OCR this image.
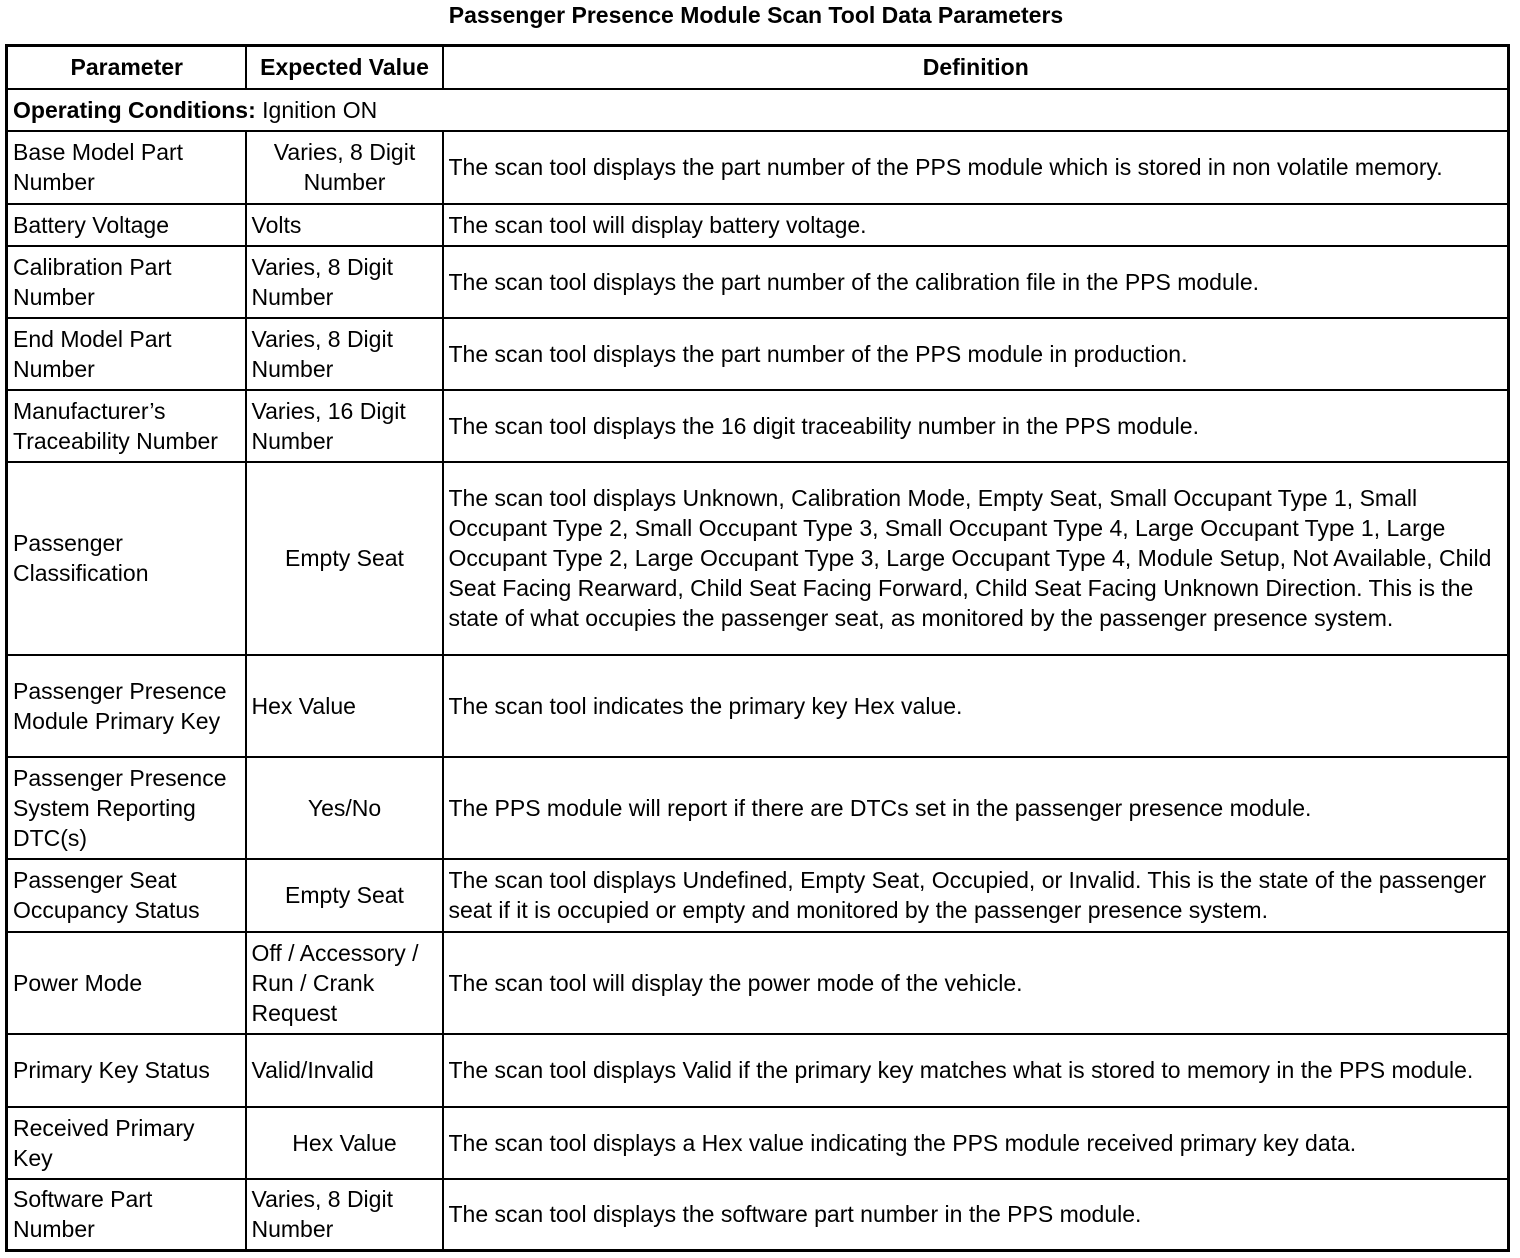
Passenger Presence Module Scan Tool Data Parameters
Parameter	Expected Value	Definition
Operating Conditions: Ignition ON		
Base Model Part Number	Varies, 8 Digit Number	The scan tool displays the part number of the PPS module which is stored in non volatile memory.
Battery Voltage	Volts	The scan tool will display battery voltage.
Calibration Part Number	Varies, 8 Digit Number	The scan tool displays the part number of the calibration file in the PPS module.
End Model Part Number	Varies, 8 Digit Number	The scan tool displays the part number of the PPS module in production.
Manufacturer’s Traceability Number	Varies, 16 Digit Number	The scan tool displays the 16 digit traceability number in the PPS module.
Passenger Classification	Empty Seat	The scan tool displays Unknown, Calibration Mode, Empty Seat, Small Occupant Type 1, Small Occupant Type 2, Small Occupant Type 3, Small Occupant Type 4, Large Occupant Type 1, Large Occupant Type 2, Large Occupant Type 3, Large Occupant Type 4, Module Setup, Not Available, Child Seat Facing Rearward, Child Seat Facing Forward, Child Seat Facing Unknown Direction. This is the state of what occupies the passenger seat, as monitored by the passenger presence system.
Passenger Presence Module Primary Key	Hex Value	The scan tool indicates the primary key Hex value.
Passenger Presence System Reporting DTC(s)	Yes/No	The PPS module will report if there are DTCs set in the passenger presence module.
Passenger Seat Occupancy Status	Empty Seat	The scan tool displays Undefined, Empty Seat, Occupied, or Invalid. This is the state of the passenger seat if it is occupied or empty and monitored by the passenger presence system.
Power Mode	Off / Accessory / Run / Crank Request	The scan tool will display the power mode of the vehicle.
Primary Key Status	Valid/Invalid	The scan tool displays Valid if the primary key matches what is stored to memory in the PPS module.
Received Primary Key	Hex Value	The scan tool displays a Hex value indicating the PPS module received primary key data.
Software Part Number	Varies, 8 Digit Number	The scan tool displays the software part number in the PPS module.
